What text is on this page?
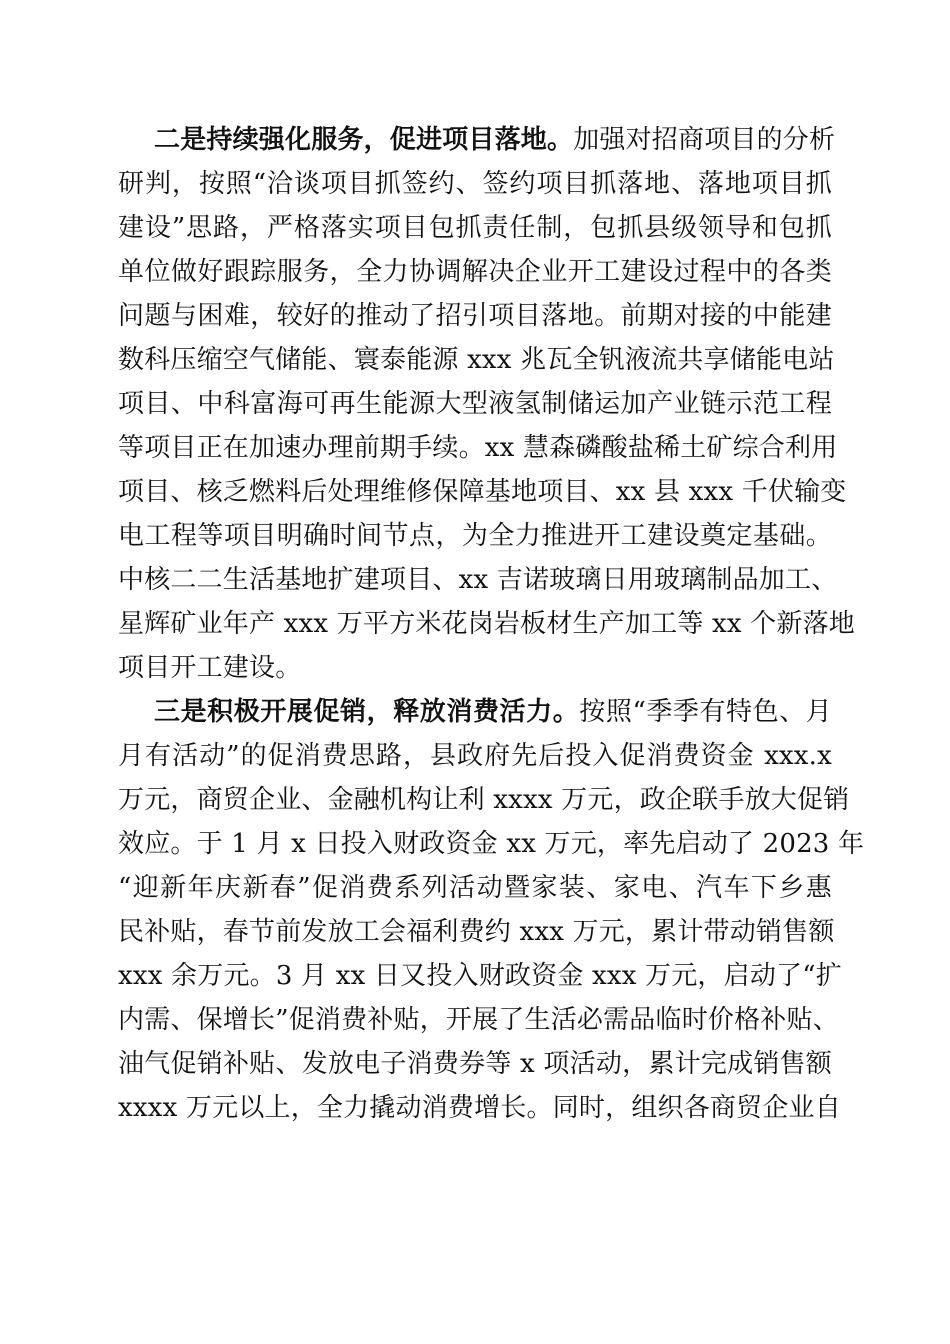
二是持续强化服务，促进项目落地。加强对招商项目的分析
研判，按照“洽谈项目抓签约、签约项目抓落地、落地项目抓
建设”思路，严格落实项目包抓责任制，包抓县级领导和包抓
单位做好跟踪服务，全力协调解决企业开工建设过程中的各类
问题与困难，较好的推动了招引项目落地。前期对接的中能建
数科压缩空气储能、寰泰能源 xxx 兆瓦全钒液流共享储能电站
项目、中科富海可再生能源大型液氢制储运加产业链示范工程
等项目正在加速办理前期手续。xx 慧森磷酸盐稀土矿综合利用
项目、核乏燃料后处理维修保障基地项目、xx 县 xxx 千伏输变
电工程等项目明确时间节点，为全力推进开工建设奠定基础。
中核二二生活基地扩建项目、xx 吉诺玻璃日用玻璃制品加工、
星辉矿业年产 xxx 万平方米花岗岩板材生产加工等 xx 个新落地
项目开工建设。
三是积极开展促销，释放消费活力。按照“季季有特色、月
月有活动”的促消费思路，县政府先后投入促消费资金 xxx.x
万元，商贸企业、金融机构让利 xxxx 万元，政企联手放大促销
效应。于 1 月 x 日投入财政资金 xx 万元，率先启动了 2023 年
“迎新年庆新春”促消费系列活动暨家装、家电、汽车下乡惠
民补贴，春节前发放工会福利费约 xxx 万元，累计带动销售额
xxx 余万元。3 月 xx 日又投入财政资金 xxx 万元，启动了“扩
内需、保增长”促消费补贴，开展了生活必需品临时价格补贴、
油气促销补贴、发放电子消费券等 x 项活动，累计完成销售额
xxxx 万元以上，全力撬动消费增长。同时，组织各商贸企业自
